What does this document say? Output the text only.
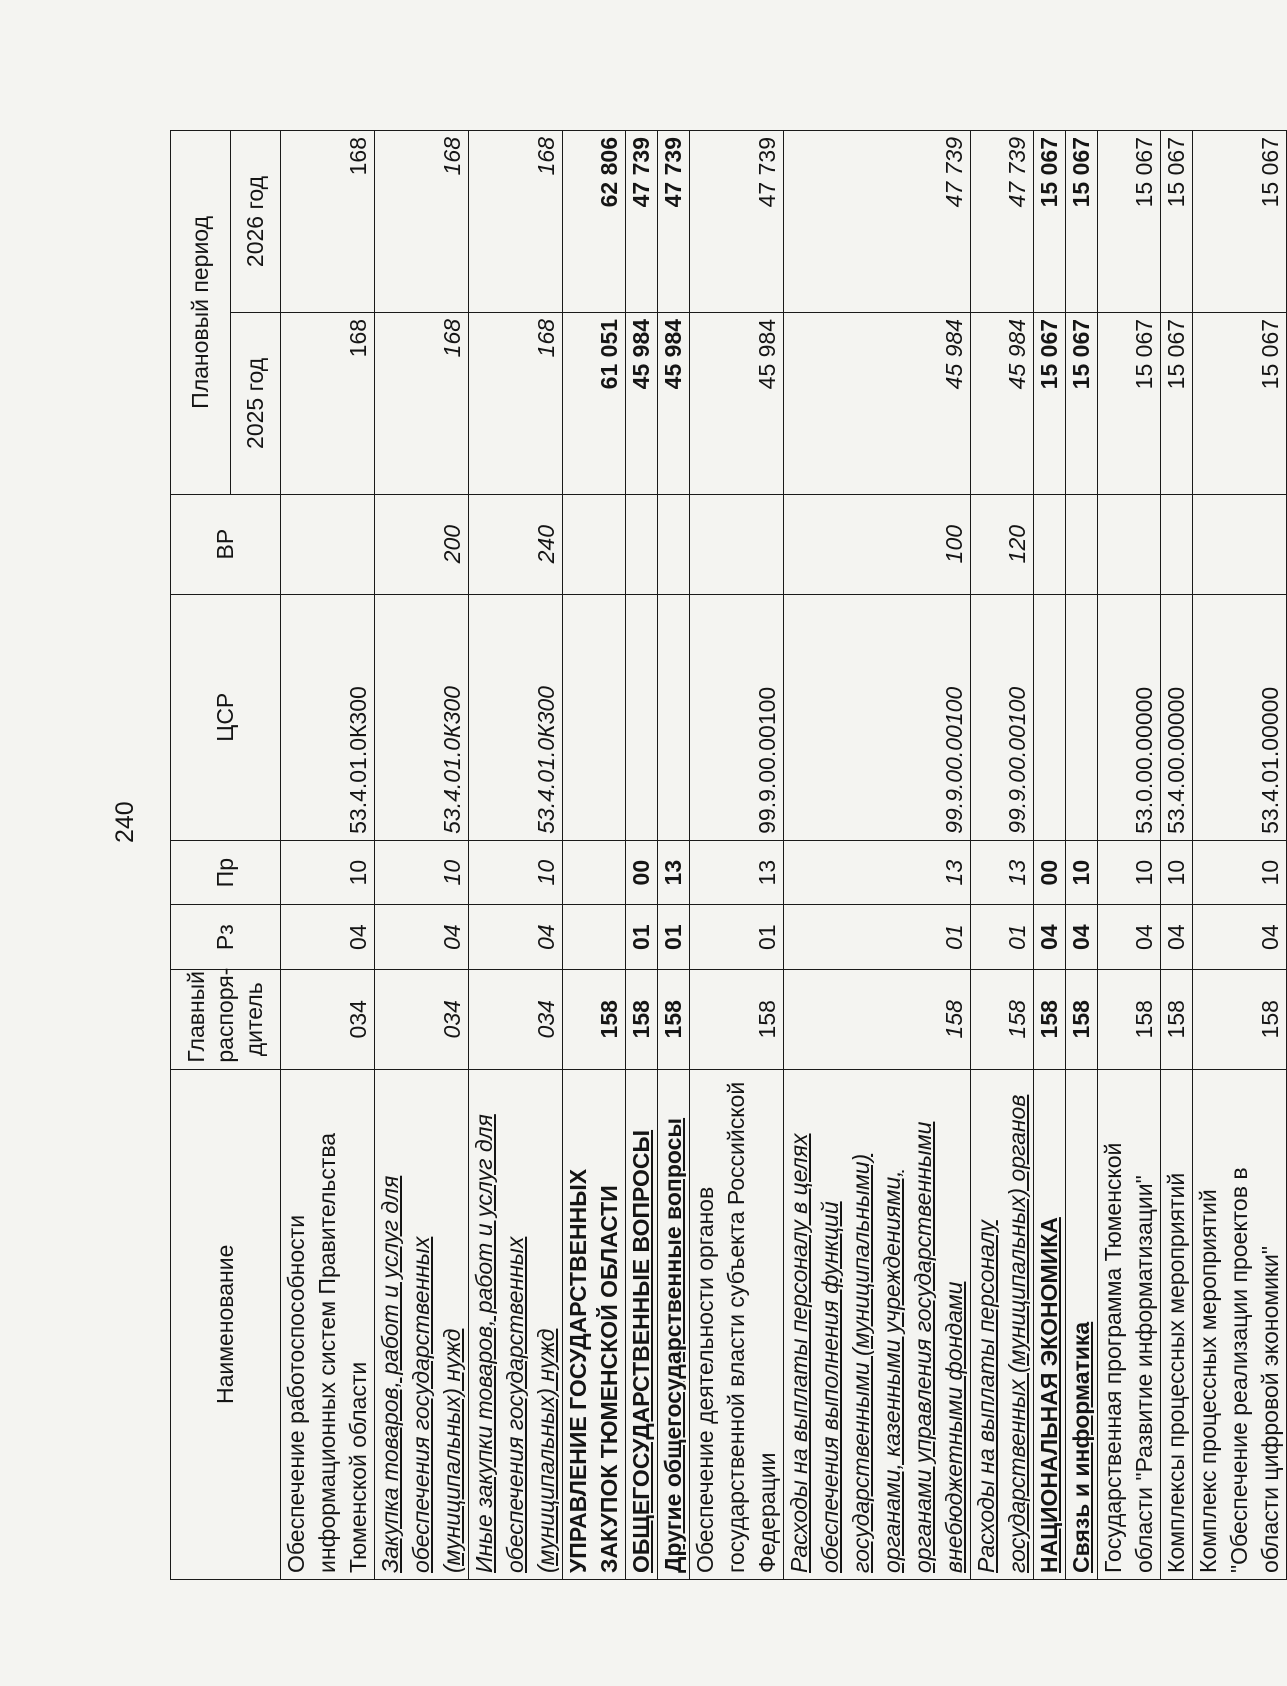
240
Наименование	Главный распоря- дитель	Рз	Пр	ЦСР	ВР	Плановый период	
						2025 год	2026 год
Обеспечение работоспособности информационных систем Правительства Тюменской области	034	04	10	53.4.01.0К300		168	168
Закупка товаров, работ и услуг для обеспечения государственных (муниципальных) нужд	034	04	10	53.4.01.0К300	200	168	168
Иные закупки товаров, работ и услуг для обеспечения государственных (муниципальных) нужд	034	04	10	53.4.01.0К300	240	168	168
УПРАВЛЕНИЕ ГОСУДАРСТВЕННЫХ ЗАКУПОК ТЮМЕНСКОЙ ОБЛАСТИ	158					61 051	62 806
ОБЩЕГОСУДАРСТВЕННЫЕ ВОПРОСЫ	158	01	00			45 984	47 739
Другие общегосударственные вопросы	158	01	13			45 984	47 739
Обеспечение деятельности органов государственной власти субъекта Российской Федерации	158	01	13	99.9.00.00100		45 984	47 739
Расходы на выплаты персоналу в целях обеспечения выполнения функций государственными (муниципальными) органами, казенными учреждениями, органами управления государственными внебюджетными фондами	158	01	13	99.9.00.00100	100	45 984	47 739
Расходы на выплаты персоналу государственных (муниципальных) органов	158	01	13	99.9.00.00100	120	45 984	47 739
НАЦИОНАЛЬНАЯ ЭКОНОМИКА	158	04	00			15 067	15 067
Связь и информатика	158	04	10			15 067	15 067
Государственная программа Тюменской области "Развитие информатизации"	158	04	10	53.0.00.00000		15 067	15 067
Комплексы процессных мероприятий	158	04	10	53.4.00.00000		15 067	15 067
Комплекс процессных мероприятий "Обеспечение реализации проектов в области цифровой экономики"	158	04	10	53.4.01.00000		15 067	15 067
